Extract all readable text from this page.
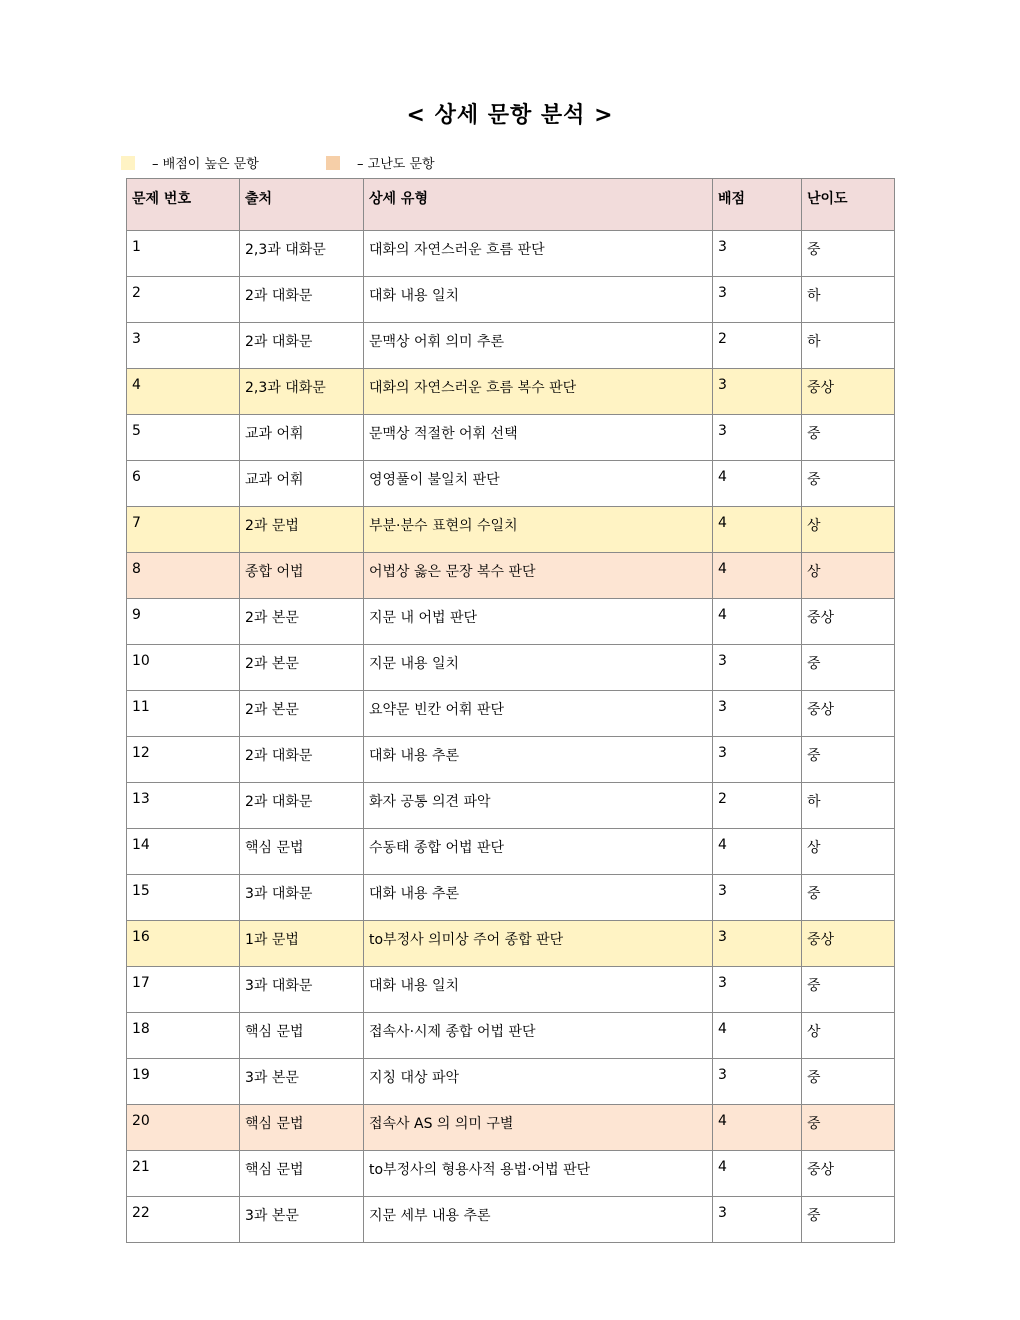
< 상세 문항 분석 >
– 배점이 높은 문항	– 고난도 문항
문제 번호	출처	상세 유형	배점	난이도
1	2,3과 대화문	대화의 자연스러운 흐름 판단	3	중
2	2과 대화문	대화 내용 일치	3	하
3	2과 대화문	문맥상 어휘 의미 추론	2	하
4	2,3과 대화문	대화의 자연스러운 흐름 복수 판단	3	중상
5	교과 어휘	문맥상 적절한 어휘 선택	3	중
6	교과 어휘	영영풀이 불일치 판단	4	중
7	2과 문법	부분·분수 표현의 수일치	4	상
8	종합 어법	어법상 옳은 문장 복수 판단	4	상
9	2과 본문	지문 내 어법 판단	4	중상
10	2과 본문	지문 내용 일치	3	중
11	2과 본문	요약문 빈칸 어휘 판단	3	중상
12	2과 대화문	대화 내용 추론	3	중
13	2과 대화문	화자 공통 의견 파악	2	하
14	핵심 문법	수동태 종합 어법 판단	4	상
15	3과 대화문	대화 내용 추론	3	중
16	1과 문법	to부정사 의미상 주어 종합 판단	3	중상
17	3과 대화문	대화 내용 일치	3	중
18	핵심 문법	접속사·시제 종합 어법 판단	4	상
19	3과 본문	지칭 대상 파악	3	중
20	핵심 문법	접속사 AS 의 의미 구별	4	중
21	핵심 문법	to부정사의 형용사적 용법·어법 판단	4	중상
22	3과 본문	지문 세부 내용 추론	3	중
